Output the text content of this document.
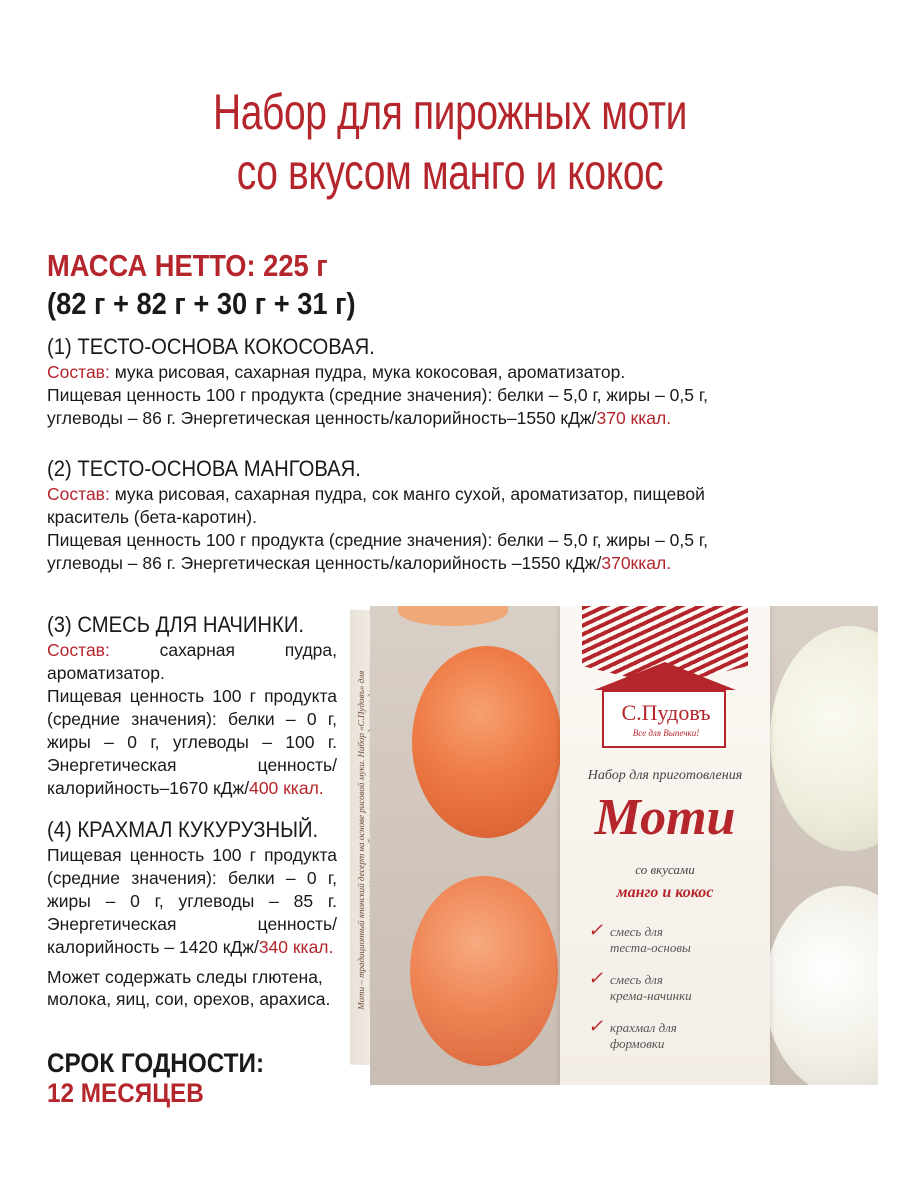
Набор для пирожных моти
со вкусом манго и кокос
МАССА НЕТТО: 225 г
(82 г + 82 г + 30 г + 31 г)
(1) ТЕСТО-ОСНОВА КОКОСОВАЯ.

Состав: мука рисовая, сахарная пудра, мука кокосовая, ароматизатор.

Пищевая ценность 100 г продукта (средние значения): белки – 5,0 г, жиры – 0,5 г, углеводы – 86 г. Энергетическая ценность/калорийность–1550 кДж/370 ккал.

(2) ТЕСТО-ОСНОВА МАНГОВАЯ.

Состав: мука рисовая, сахарная пудра, сок манго сухой, ароматизатор, пищевой краситель (бета-каротин).

Пищевая ценность 100 г продукта (средние значения): белки – 5,0 г, жиры – 0,5 г, углеводы – 86 г. Энергетическая ценность/калорийность –1550 кДж/370ккал.

(3) СМЕСЬ ДЛЯ НАЧИНКИ.

Состав: сахарная пудра, ароматизатор.

Пищевая ценность 100 г продукта (средние значения): белки – 0 г, жиры – 0 г, углеводы – 100 г. Энергетическая ценность/калорийность–1670 кДж/400 ккал.

(4) КРАХМАЛ КУКУРУЗНЫЙ.

Пищевая ценность 100 г продукта (средние значения): белки – 0 г, жиры – 0 г, углеводы – 85 г. Энергетическая ценность/ калорийность – 1420 кДж/340 ккал.

Может содержать следы глютена, молока, яиц, сои, орехов, арахиса.
СРОК ГОДНОСТИ:
12 МЕСЯЦЕВ
Моти – традиционный японский десерт на основе рисовой муки. Набор «С.Пудовъ» для
С.Пудовъ
Все для Выпечки!
Набор для приготовления
Моти
со вкусами
манго и кокос
✓ смесь для
теста-основы
✓ смесь для
крема-начинки
✓ крахмал для
формовки
